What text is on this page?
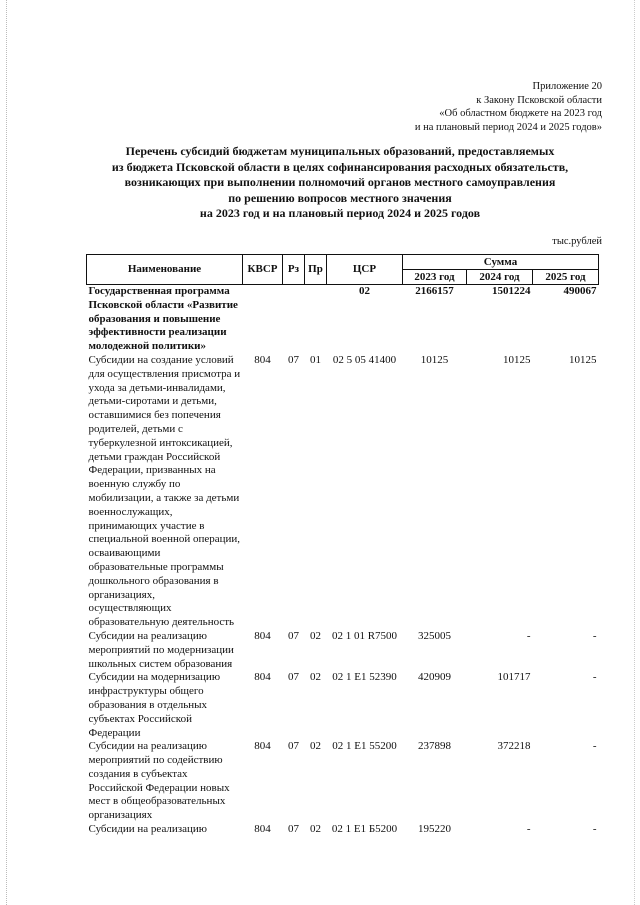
Приложение 20
к Закону Псковской области
«Об областном бюджете на 2023 год
и на плановый период 2024 и 2025 годов»
Перечень субсидий бюджетам муниципальных образований, предоставляемых
из бюджета Псковской области в целях софинансирования расходных обязательств,
возникающих при выполнении полномочий органов местного самоуправления
по решению вопросов местного значения
на 2023 год и на плановый период 2024 и 2025 годов
тыс.рублей
Наименование	КВСР	Рз	Пр	ЦСР	Сумма		
					2023 год	2024 год	2025 год
Государственная программа Псковской области «Развитие образования и повышение эффективности реализации молодежной политики»				02	2166157	1501224	490067
Субсидии на создание условий для осуществления присмотра и ухода за детьми-инвалидами, детьми-сиротами и детьми, оставшимися без попечения родителей, детьми с туберкулезной интоксикацией, детьми граждан Российской Федерации, призванных на военную службу по мобилизации, а также за детьми военнослужащих, принимающих участие в специальной военной операции, осваивающими образовательные программы дошкольного образования в организациях, осуществляющих образовательную деятельность	804	07	01	02 5 05 41400	10125	10125	10125
Субсидии на реализацию мероприятий по модернизации школьных систем образования	804	07	02	02 1 01 R7500	325005	-	-
Субсидии на модернизацию инфраструктуры общего образования в отдельных субъектах Российской Федерации	804	07	02	02 1 E1 52390	420909	101717	-
Субсидии на реализацию мероприятий по содействию создания в субъектах Российской Федерации новых мест в общеобразовательных организациях	804	07	02	02 1 E1 55200	237898	372218	-
Субсидии на реализацию	804	07	02	02 1 E1 Б5200	195220	-	-
